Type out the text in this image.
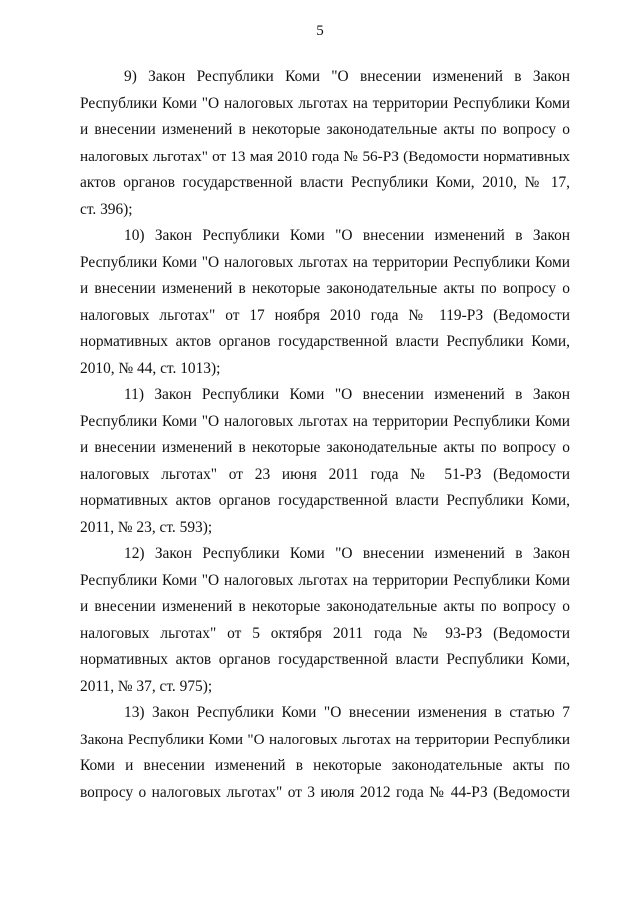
5

9) Закон Республики Коми "О внесении изменений в Закон
Республики Коми "О налоговых льготах на территории Республики Коми
и внесении изменений в некоторые законодательные акты по вопросу о
налоговых льготах" от 13 мая 2010 года № 56-РЗ (Ведомости нормативных
актов органов государственной власти Республики Коми, 2010, № 17,
ст. 396);

10) Закон Республики Коми "О внесении изменений в Закон
Республики Коми "О налоговых льготах на территории Республики Коми
и внесении изменений в некоторые законодательные акты по вопросу о
налоговых льготах" от 17 ноября 2010 года № 119-РЗ (Ведомости
нормативных актов органов государственной власти Республики Коми,
2010, № 44, ст. 1013);

11) Закон Республики Коми "О внесении изменений в Закон
Республики Коми "О налоговых льготах на территории Республики Коми
и внесении изменений в некоторые законодательные акты по вопросу о
налоговых льготах" от 23 июня 2011 года № 51-РЗ (Ведомости
нормативных актов органов государственной власти Республики Коми,
2011, № 23, ст. 593);

12) Закон Республики Коми "О внесении изменений в Закон
Республики Коми "О налоговых льготах на территории Республики Коми
и внесении изменений в некоторые законодательные акты по вопросу о
налоговых льготах" от 5 октября 2011 года № 93-РЗ (Ведомости
нормативных актов органов государственной власти Республики Коми,
2011, № 37, ст. 975);

13) Закон Республики Коми "О внесении изменения в статью 7
Закона Республики Коми "О налоговых льготах на территории Республики
Коми и внесении изменений в некоторые законодательные акты по
вопросу о налоговых льготах" от 3 июля 2012 года № 44-РЗ (Ведомости
